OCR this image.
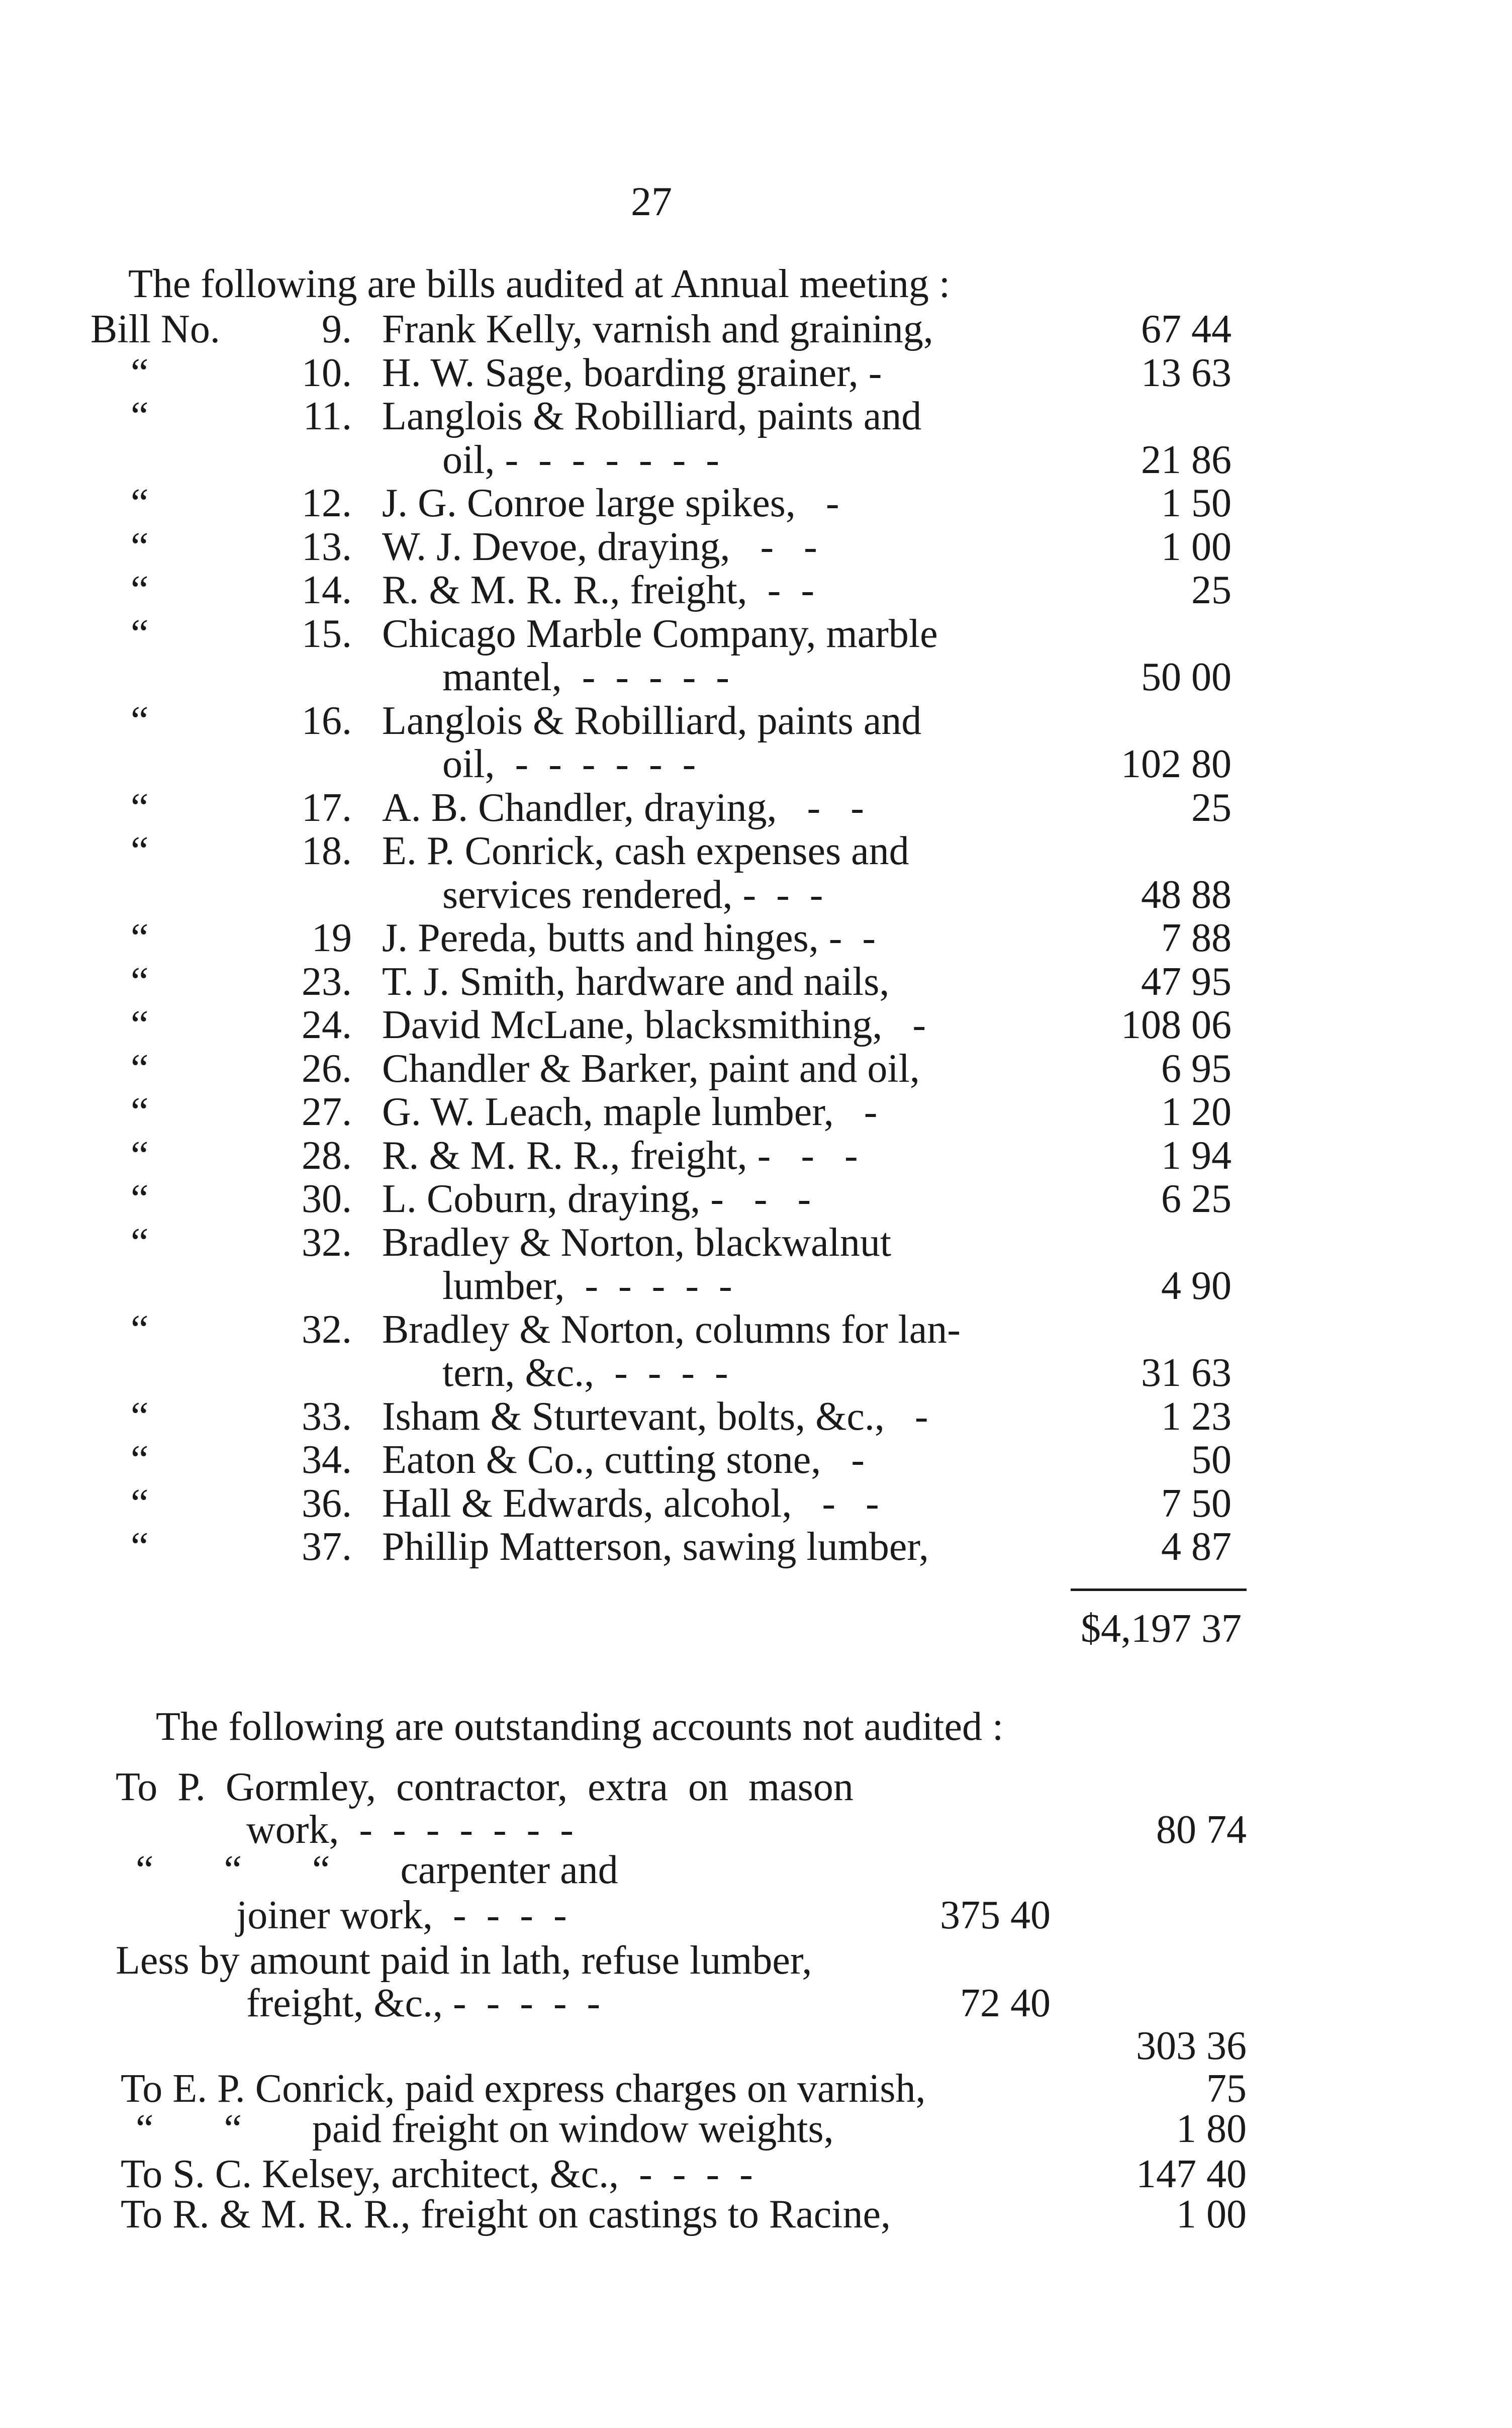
27
The following are bills audited at Annual meeting :
Bill No.	9. Frank Kelly, varnish and graining,	67 44
“	10. H. W. Sage, boarding grainer, -	13 63
“	11. Langlois & Robilliard, paints and
oil, -  -  -  -  -  -  -	21 86
“	12. J. G. Conroe large spikes,   -	1 50
“	13. W. J. Devoe, draying,   -   -	1 00
“	14. R. & M. R. R., freight,  -  -	25
“	15. Chicago Marble Company, marble
mantel,  -  -  -  -  -	50 00
“	16. Langlois & Robilliard, paints and
oil,  -  -  -  -  -  -	102 80
“	17. A. B. Chandler, draying,   -   -	25
“	18. E. P. Conrick, cash expenses and
services rendered, -  -  -	48 88
“	19 J. Pereda, butts and hinges, -  -	7 88
“	23. T. J. Smith, hardware and nails,	47 95
“	24. David McLane, blacksmithing,   -	108 06
“	26. Chandler & Barker, paint and oil,	6 95
“	27. G. W. Leach, maple lumber,   -	1 20
“	28. R. & M. R. R., freight, -   -   -	1 94
“	30. L. Coburn, draying, -   -   -	6 25
“	32. Bradley & Norton, blackwalnut
lumber,  -  -  -  -  -	4 90
“	32. Bradley & Norton, columns for lan-
tern, &c.,  -  -  -  -	31 63
“	33. Isham & Sturtevant, bolts, &c.,   -	1 23
“	34. Eaton & Co., cutting stone,   -	50
“	36. Hall & Edwards, alcohol,   -   -	7 50
“	37. Phillip Matterson, sawing lumber,	4 87
$4,197 37
The following are outstanding accounts not audited :
To  P.  Gormley,  contractor,  extra  on  mason
work,  -  -  -  -  -  -  -	80 74
“       “       “       carpenter and
joiner work,  -  -  -  -	375 40
Less by amount paid in lath, refuse lumber,
freight, &c., -  -  -  -  -	72 40
303 36
To E. P. Conrick, paid express charges on varnish,	75
“       “       paid freight on window weights,	1 80
To S. C. Kelsey, architect, &c.,  -  -  -  -	147 40
To R. & M. R. R., freight on castings to Racine,	1 00
